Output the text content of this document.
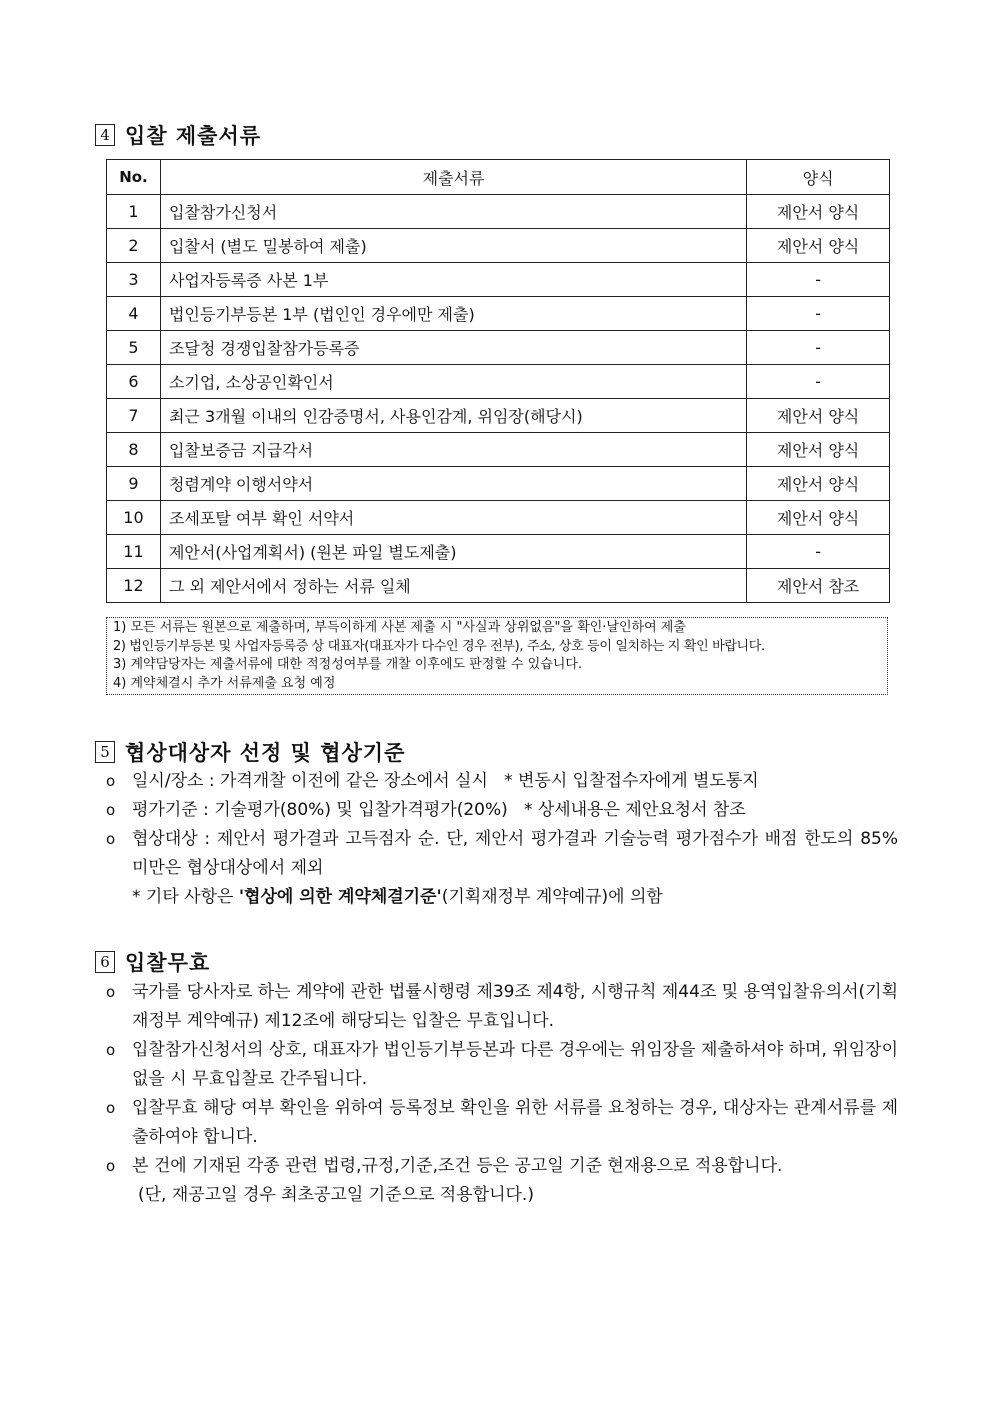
4 입찰 제출서류
No.	제출서류	양식
1	입찰참가신청서	제안서 양식
2	입찰서 (별도 밀봉하여 제출)	제안서 양식
3	사업자등록증 사본 1부	-
4	법인등기부등본 1부 (법인인 경우에만 제출)	-
5	조달청 경쟁입찰참가등록증	-
6	소기업, 소상공인확인서	-
7	최근 3개월 이내의 인감증명서, 사용인감계, 위임장(해당시)	제안서 양식
8	입찰보증금 지급각서	제안서 양식
9	청렴계약 이행서약서	제안서 양식
10	조세포탈 여부 확인 서약서	제안서 양식
11	제안서(사업계획서) (원본 파일 별도제출)	-
12	그 외 제안서에서 정하는 서류 일체	제안서 참조
1) 모든 서류는 원본으로 제출하며, 부득이하게 사본 제출 시 "사실과 상위없음"을 확인·날인하여 제출
2) 법인등기부등본 및 사업자등록증 상 대표자(대표자가 다수인 경우 전부), 주소, 상호 등이 일치하는 지 확인 바랍니다.
3) 계약담당자는 제출서류에 대한 적정성여부를 개찰 이후에도 판정할 수 있습니다.
4) 계약체결시 추가 서류제출 요청 예정
5 협상대상자 선정 및 협상기준
o 일시/장소 : 가격개찰 이전에 같은 장소에서 실시   * 변동시 입찰접수자에게 별도통지
o 평가기준 : 기술평가(80%) 및 입찰가격평가(20%)   * 상세내용은 제안요청서 참조
o 협상대상 : 제안서 평가결과 고득점자 순. 단, 제안서 평가결과 기술능력 평가점수가 배점 한도의 85% 미만은 협상대상에서 제외
* 기타 사항은 '협상에 의한 계약체결기준'(기획재정부 계약예규)에 의함
6 입찰무효
o 국가를 당사자로 하는 계약에 관한 법률시행령 제39조 제4항, 시행규칙 제44조 및 용역입찰유의서(기획재정부 계약예규) 제12조에 해당되는 입찰은 무효입니다.
o 입찰참가신청서의 상호, 대표자가 법인등기부등본과 다른 경우에는 위임장을 제출하셔야 하며, 위임장이 없을 시 무효입찰로 간주됩니다.
o 입찰무효 해당 여부 확인을 위하여 등록정보 확인을 위한 서류를 요청하는 경우, 대상자는 관계서류를 제출하여야 합니다.
o 본 건에 기재된 각종 관련 법령,규정,기준,조건 등은 공고일 기준 현재용으로 적용합니다.
(단, 재공고일 경우 최초공고일 기준으로 적용합니다.)
